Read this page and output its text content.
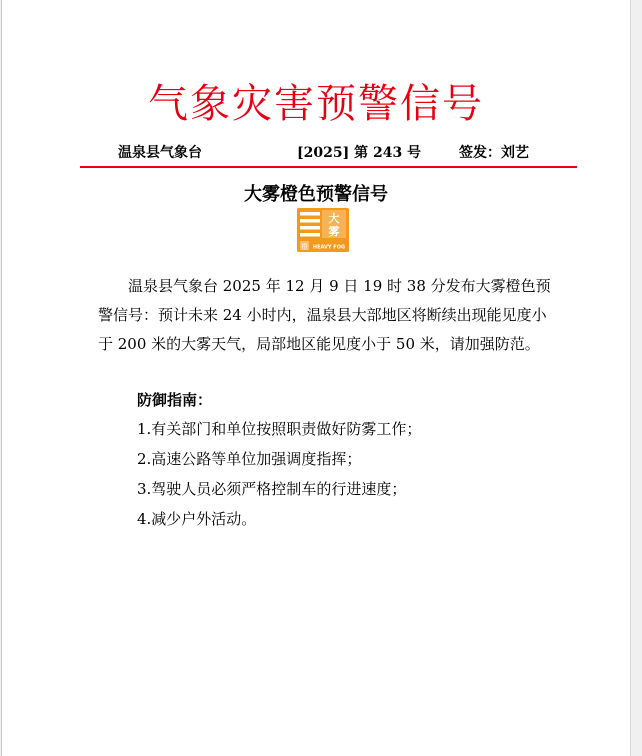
气象灾害预警信号
温泉县气象台	[2025] 第 243 号	签发：刘艺
大雾橙色预警信号
大
雾
橙 HEAVY FOG

温泉县气象台 2025 年 12 月 9 日 19 时 38 分发布大雾橙色预警信号：预计未来 24 小时内，温泉县大部地区将断续出现能见度小于 200 米的大雾天气，局部地区能见度小于 50 米，请加强防范。

防御指南：
1.有关部门和单位按照职责做好防雾工作；
2.高速公路等单位加强调度指挥；
3.驾驶人员必须严格控制车的行进速度；
4.减少户外活动。
